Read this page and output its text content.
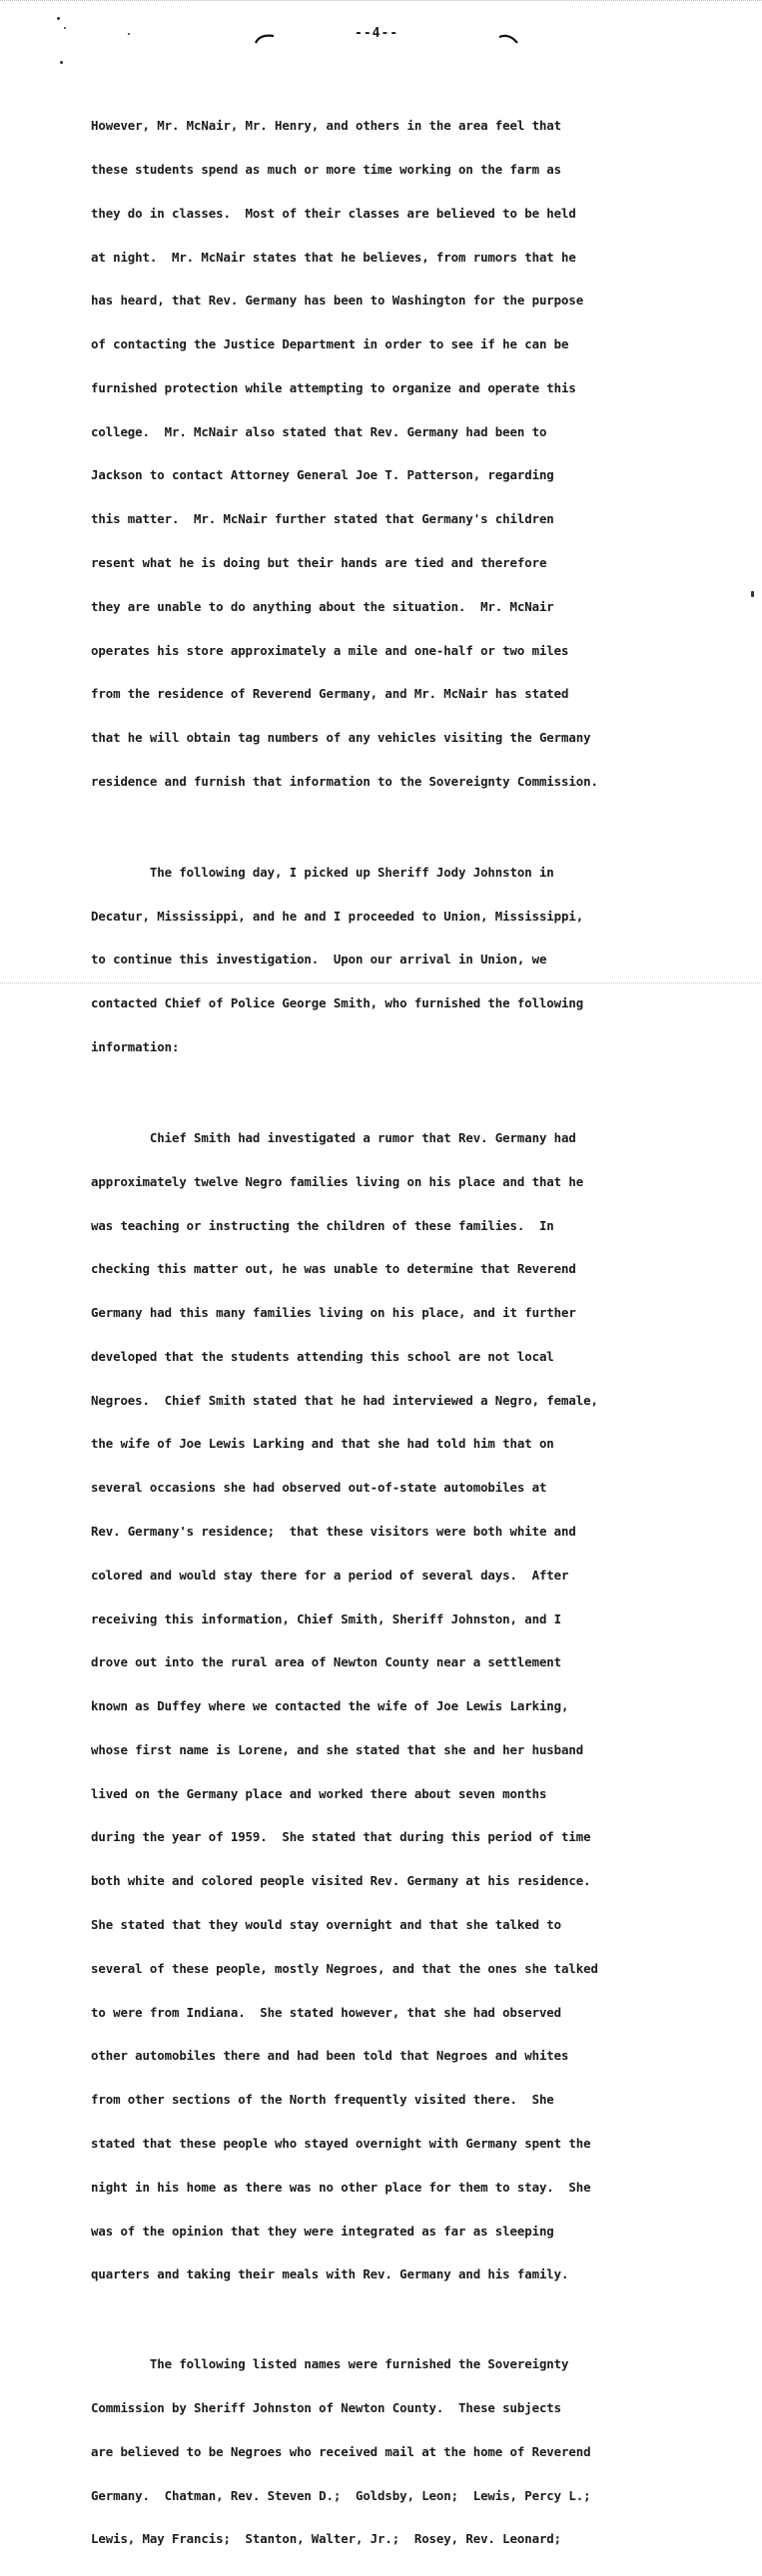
--4--

However, Mr. McNair, Mr. Henry, and others in the area feel that

these students spend as much or more time working on the farm as

they do in classes.  Most of their classes are believed to be held

at night.  Mr. McNair states that he believes, from rumors that he

has heard, that Rev. Germany has been to Washington for the purpose

of contacting the Justice Department in order to see if he can be

furnished protection while attempting to organize and operate this

college.  Mr. McNair also stated that Rev. Germany had been to

Jackson to contact Attorney General Joe T. Patterson, regarding

this matter.  Mr. McNair further stated that Germany's children

resent what he is doing but their hands are tied and therefore

they are unable to do anything about the situation.  Mr. McNair

operates his store approximately a mile and one-half or two miles

from the residence of Reverend Germany, and Mr. McNair has stated

that he will obtain tag numbers of any vehicles visiting the Germany

residence and furnish that information to the Sovereignty Commission.

The following day, I picked up Sheriff Jody Johnston in

Decatur, Mississippi, and he and I proceeded to Union, Mississippi,

to continue this investigation.  Upon our arrival in Union, we

contacted Chief of Police George Smith, who furnished the following

information:

Chief Smith had investigated a rumor that Rev. Germany had

approximately twelve Negro families living on his place and that he

was teaching or instructing the children of these families.  In

checking this matter out, he was unable to determine that Reverend

Germany had this many families living on his place, and it further

developed that the students attending this school are not local

Negroes.  Chief Smith stated that he had interviewed a Negro, female,

the wife of Joe Lewis Larking and that she had told him that on

several occasions she had observed out-of-state automobiles at

Rev. Germany's residence;  that these visitors were both white and

colored and would stay there for a period of several days.  After

receiving this information, Chief Smith, Sheriff Johnston, and I

drove out into the rural area of Newton County near a settlement

known as Duffey where we contacted the wife of Joe Lewis Larking,

whose first name is Lorene, and she stated that she and her husband

lived on the Germany place and worked there about seven months

during the year of 1959.  She stated that during this period of time

both white and colored people visited Rev. Germany at his residence.

She stated that they would stay overnight and that she talked to

several of these people, mostly Negroes, and that the ones she talked

to were from Indiana.  She stated however, that she had observed

other automobiles there and had been told that Negroes and whites

from other sections of the North frequently visited there.  She

stated that these people who stayed overnight with Germany spent the

night in his home as there was no other place for them to stay.  She

was of the opinion that they were integrated as far as sleeping

quarters and taking their meals with Rev. Germany and his family.

The following listed names were furnished the Sovereignty

Commission by Sheriff Johnston of Newton County.  These subjects

are believed to be Negroes who received mail at the home of Reverend

Germany.  Chatman, Rev. Steven D.;  Goldsby, Leon;  Lewis, Percy L.;

Lewis, May Francis;  Stanton, Walter, Jr.;  Rosey, Rev. Leonard;
